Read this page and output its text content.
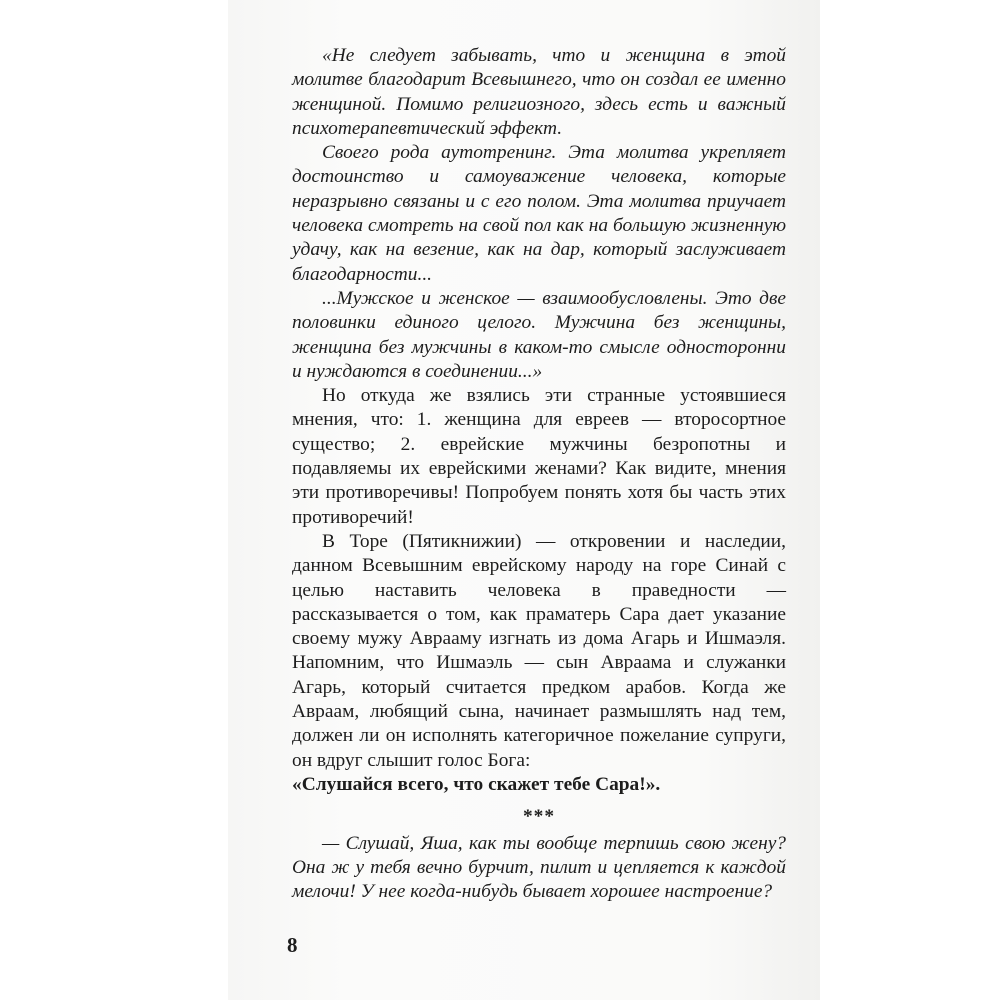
«Не следует забывать, что и женщина в этой молитве благодарит Всевышнего, что он создал ее именно женщиной. Помимо религиозного, здесь есть и важный психотерапевтический эффект.

Своего рода аутотренинг. Эта молитва укрепляет достоинство и самоуважение человека, которые неразрывно связаны и с его полом. Эта молитва приучает человека смотреть на свой пол как на большую жизненную удачу, как на везение, как на дар, который заслуживает благодарности...

...Мужское и женское — взаимообусловлены. Это две половинки единого целого. Мужчина без женщины, женщина без мужчины в каком-то смысле односторонни и нуждаются в соединении...»

Но откуда же взялись эти странные устоявшиеся мнения, что: 1. женщина для евреев — второсортное существо; 2. еврейские мужчины безропотны и подавляемы их еврейскими женами? Как видите, мнения эти противоречивы! Попробуем понять хотя бы часть этих противоречий!

В Торе (Пятикнижии) — откровении и наследии, данном Всевышним еврейскому народу на горе Синай с целью наставить человека в праведности — рассказывается о том, как праматерь Сара дает указание своему мужу Аврааму изгнать из дома Агарь и Ишмаэля. Напомним, что Ишмаэль — сын Авраама и служанки Агарь, который считается предком арабов. Когда же Авраам, любящий сына, начинает размышлять над тем, должен ли он исполнять категоричное пожелание супруги, он вдруг слышит голос Бога:

«Слушайся всего, что скажет тебе Сара!».

***

— Слушай, Яша, как ты вообще терпишь свою жену? Она ж у тебя вечно бурчит, пилит и цепляется к каждой мелочи! У нее когда-нибудь бывает хорошее настроение?

8
